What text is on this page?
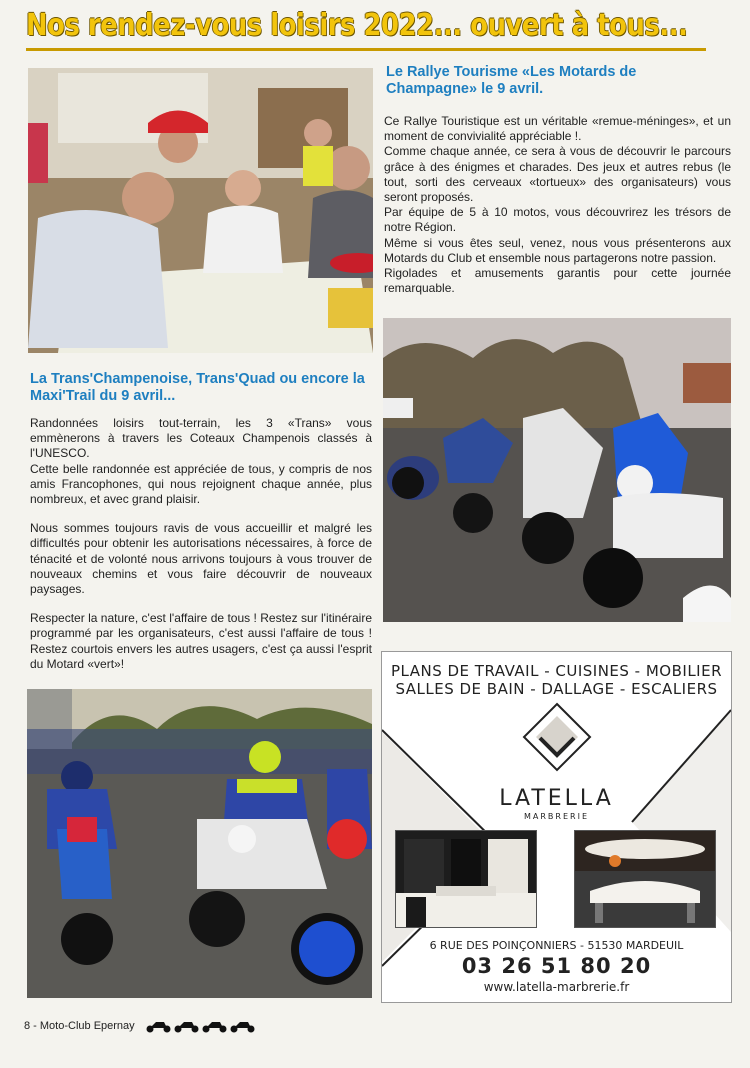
Nos rendez-vous loisirs 2022... ouvert à tous...
Le Rallye Tourisme «Les Motards de Champagne» le 9 avril.

Ce Rallye Touristique est un véritable «remue-méninges», et un moment de convivialité appréciable !.

Comme chaque année, ce sera à vous de découvrir le parcours grâce à des énigmes et charades. Des jeux et autres rebus (le tout, sorti des cerveaux «tortueux» des organisateurs) vous seront proposés.

Par équipe de 5 à 10 motos, vous découvrirez les trésors de notre Région.

Même si vous êtes seul, venez, nous vous présenterons aux Motards du Club et ensemble nous partagerons notre passion.

Rigolades et amusements garantis pour cette journée remarquable.

La Trans'Champenoise, Trans'Quad ou encore la Maxi'Trail du 9 avril...

Randonnées loisirs tout-terrain, les 3 «Trans» vous emmènerons à travers les Coteaux Champenois classés à l'UNESCO.

Cette belle randonnée est appréciée de tous, y compris de nos amis Francophones, qui nous rejoignent chaque année, plus nombreux, et avec grand plaisir.

Nous sommes toujours ravis de vous accueillir et malgré les difficultés pour obtenir les autorisations nécessaires, à force de ténacité et de volonté nous arrivons toujours à vous trouver de nouveaux chemins et vous faire découvrir de nouveaux paysages.

Respecter la nature, c'est l'affaire de tous ! Restez sur l'itinéraire programmé par les organisateurs, c'est aussi l'affaire de tous ! Restez courtois envers les autres usagers, c'est ça aussi l'esprit du Motard «vert»!	PLANS DE TRAVAIL - CUISINES - MOBILIER
SALLES DE BAIN - DALLAGE - ESCALIERS
LATELLA
MARBRERIE
6 RUE DES POINÇONNIERS - 51530 MARDEUIL
03 26 51 80 20
www.latella-marbrerie.fr
8 - Moto-Club Epernay
